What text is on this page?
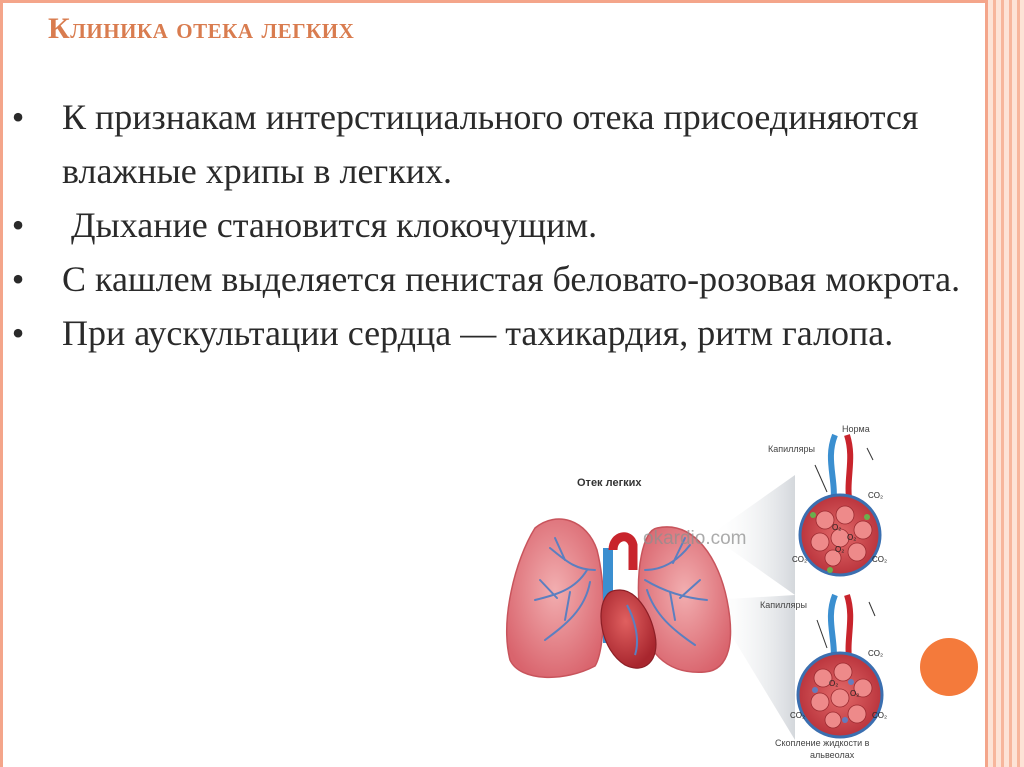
Клиника отека легких
• К признакам интерстициального отека присоединяются влажные хрипы в легких.
• Дыхание становится клокочущим.
• С кашлем выделяется пенистая беловато-розовая мокрота.
• При аускультации сердца — тахикардия, ритм галопа.
Отек легких
okardio.com
Норма
Капилляры
O₂
O₂
O₂
CO₂
CO₂	CO₂
Капилляры
O₂
O₂
CO₂
CO₂	CO₂
Скопление жидкости в
альвеолах
